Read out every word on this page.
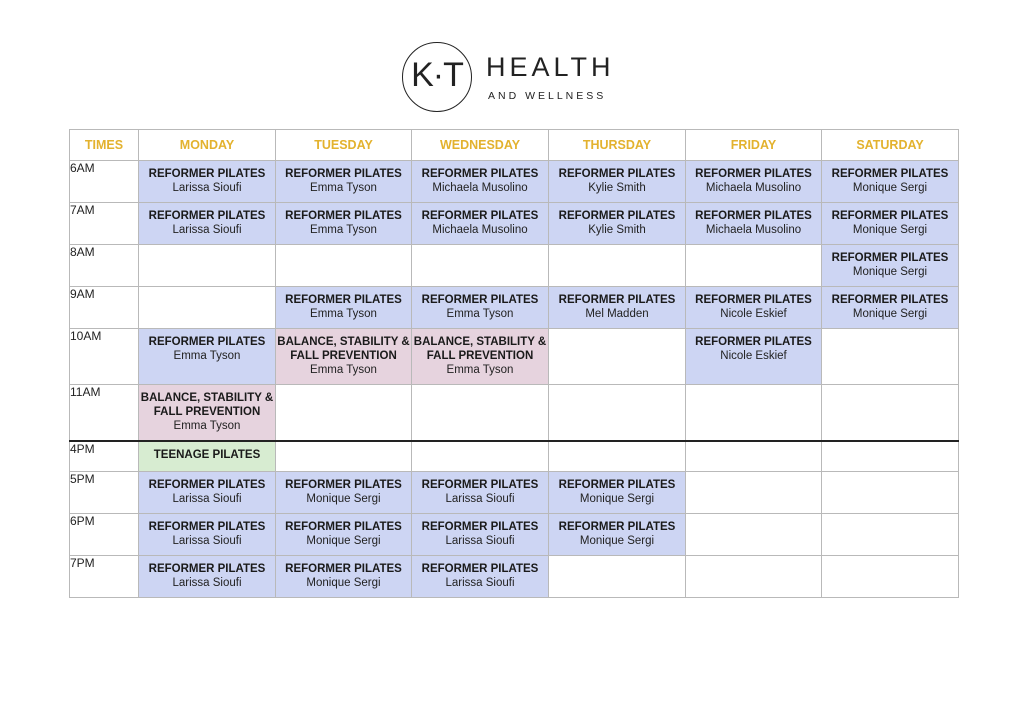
K·T HEALTH
AND WELLNESS
TIMES	MONDAY	TUESDAY	WEDNESDAY	THURSDAY	FRIDAY	SATURDAY
6AM	REFORMER PILATES
Larissa Sioufi	REFORMER PILATES
Emma Tyson	REFORMER PILATES
Michaela Musolino	REFORMER PILATES
Kylie Smith	REFORMER PILATES
Michaela Musolino	REFORMER PILATES
Monique Sergi

7AM	REFORMER PILATES
Larissa Sioufi	REFORMER PILATES
Emma Tyson	REFORMER PILATES
Michaela Musolino	REFORMER PILATES
Kylie Smith	REFORMER PILATES
Michaela Musolino	REFORMER PILATES
Monique Sergi

8AM						REFORMER PILATES
Monique Sergi

9AM		REFORMER PILATES
Emma Tyson	REFORMER PILATES
Emma Tyson	REFORMER PILATES
Mel Madden	REFORMER PILATES
Nicole Eskief	REFORMER PILATES
Monique Sergi

10AM	REFORMER PILATES
Emma Tyson	BALANCE, STABILITY & FALL PREVENTION
Emma Tyson	BALANCE, STABILITY & FALL PREVENTION
Emma Tyson		REFORMER PILATES
Nicole Eskief	

11AM	BALANCE, STABILITY & FALL PREVENTION
Emma Tyson					

4PM	TEENAGE PILATES					

5PM	REFORMER PILATES
Larissa Sioufi	REFORMER PILATES
Monique Sergi	REFORMER PILATES
Larissa Sioufi	REFORMER PILATES
Monique Sergi		

6PM	REFORMER PILATES
Larissa Sioufi	REFORMER PILATES
Monique Sergi	REFORMER PILATES
Larissa Sioufi	REFORMER PILATES
Monique Sergi		

7PM	REFORMER PILATES
Larissa Sioufi	REFORMER PILATES
Monique Sergi	REFORMER PILATES
Larissa Sioufi			
